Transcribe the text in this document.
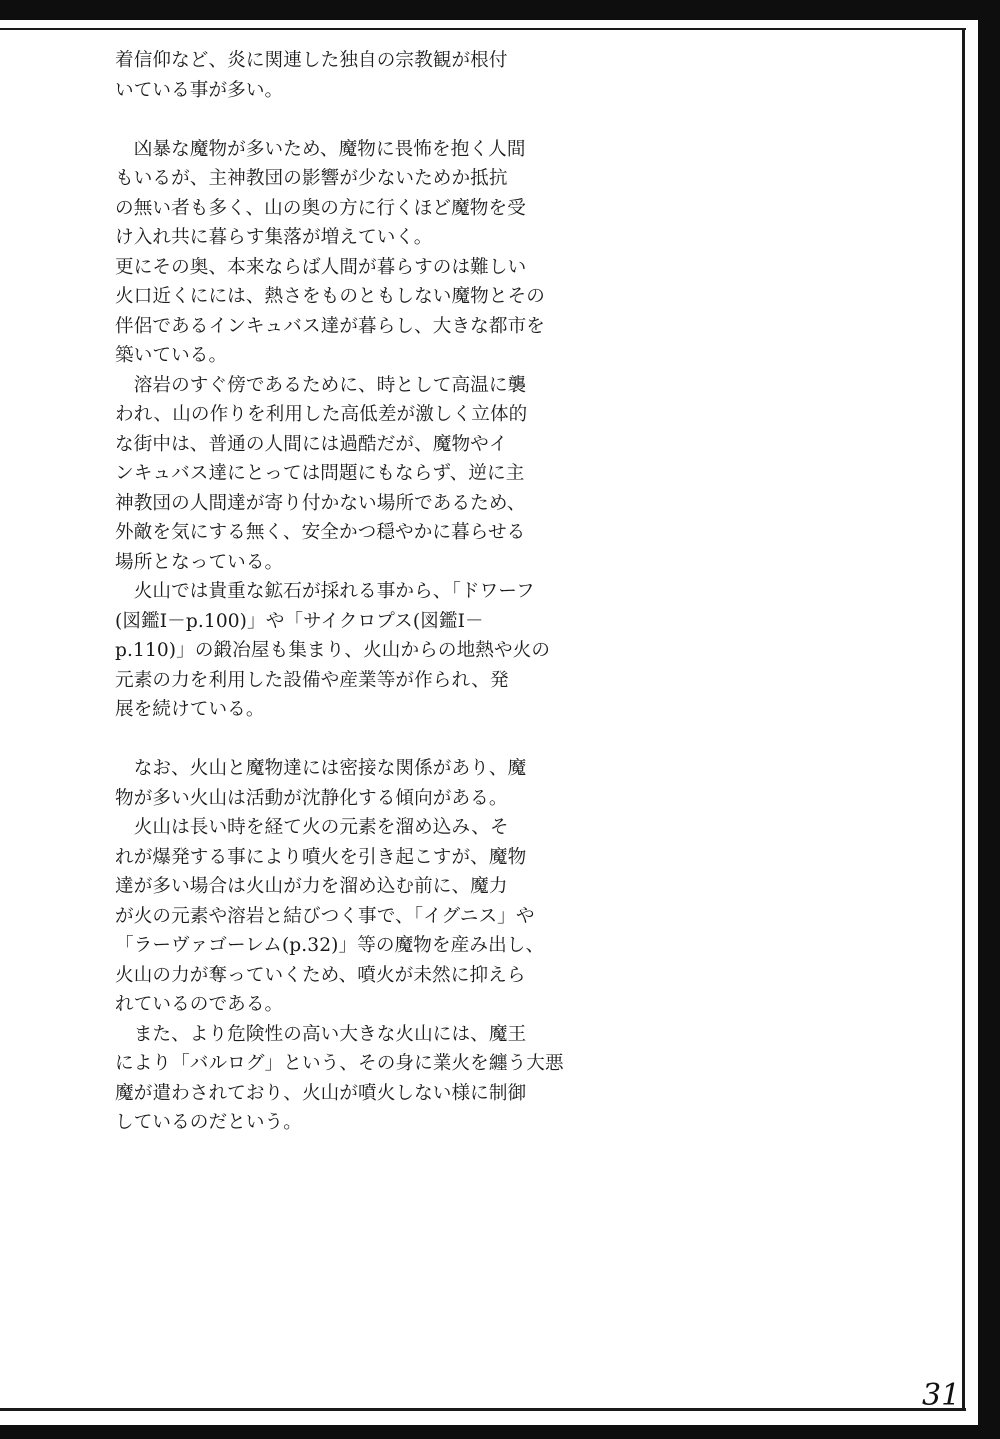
着信仰など、炎に関連した独自の宗教観が根付
いている事が多い。
　凶暴な魔物が多いため、魔物に畏怖を抱く人間
もいるが、主神教団の影響が少ないためか抵抗
の無い者も多く、山の奥の方に行くほど魔物を受
け入れ共に暮らす集落が増えていく。
更にその奥、本来ならば人間が暮らすのは難しい
火口近くにには、熱さをものともしない魔物とその
伴侶であるインキュバス達が暮らし、大きな都市を
築いている。
　溶岩のすぐ傍であるために、時として高温に襲
われ、山の作りを利用した高低差が激しく立体的
な街中は、普通の人間には過酷だが、魔物やイ
ンキュバス達にとっては問題にもならず、逆に主
神教団の人間達が寄り付かない場所であるため、
外敵を気にする無く、安全かつ穏やかに暮らせる
場所となっている。
　火山では貴重な鉱石が採れる事から、「ドワーフ
(図鑑Ⅰ－p.100)」や「サイクロプス(図鑑Ⅰ－
p.110)」の鍛冶屋も集まり、火山からの地熱や火の
元素の力を利用した設備や産業等が作られ、発
展を続けている。
　なお、火山と魔物達には密接な関係があり、魔
物が多い火山は活動が沈静化する傾向がある。
　火山は長い時を経て火の元素を溜め込み、そ
れが爆発する事により噴火を引き起こすが、魔物
達が多い場合は火山が力を溜め込む前に、魔力
が火の元素や溶岩と結びつく事で、「イグニス」や
「ラーヴァゴーレム(p.32)」等の魔物を産み出し、
火山の力が奪っていくため、噴火が未然に抑えら
れているのである。
　また、より危険性の高い大きな火山には、魔王
により「バルログ」という、その身に業火を纏う大悪
魔が遣わされており、火山が噴火しない様に制御
しているのだという。
31
